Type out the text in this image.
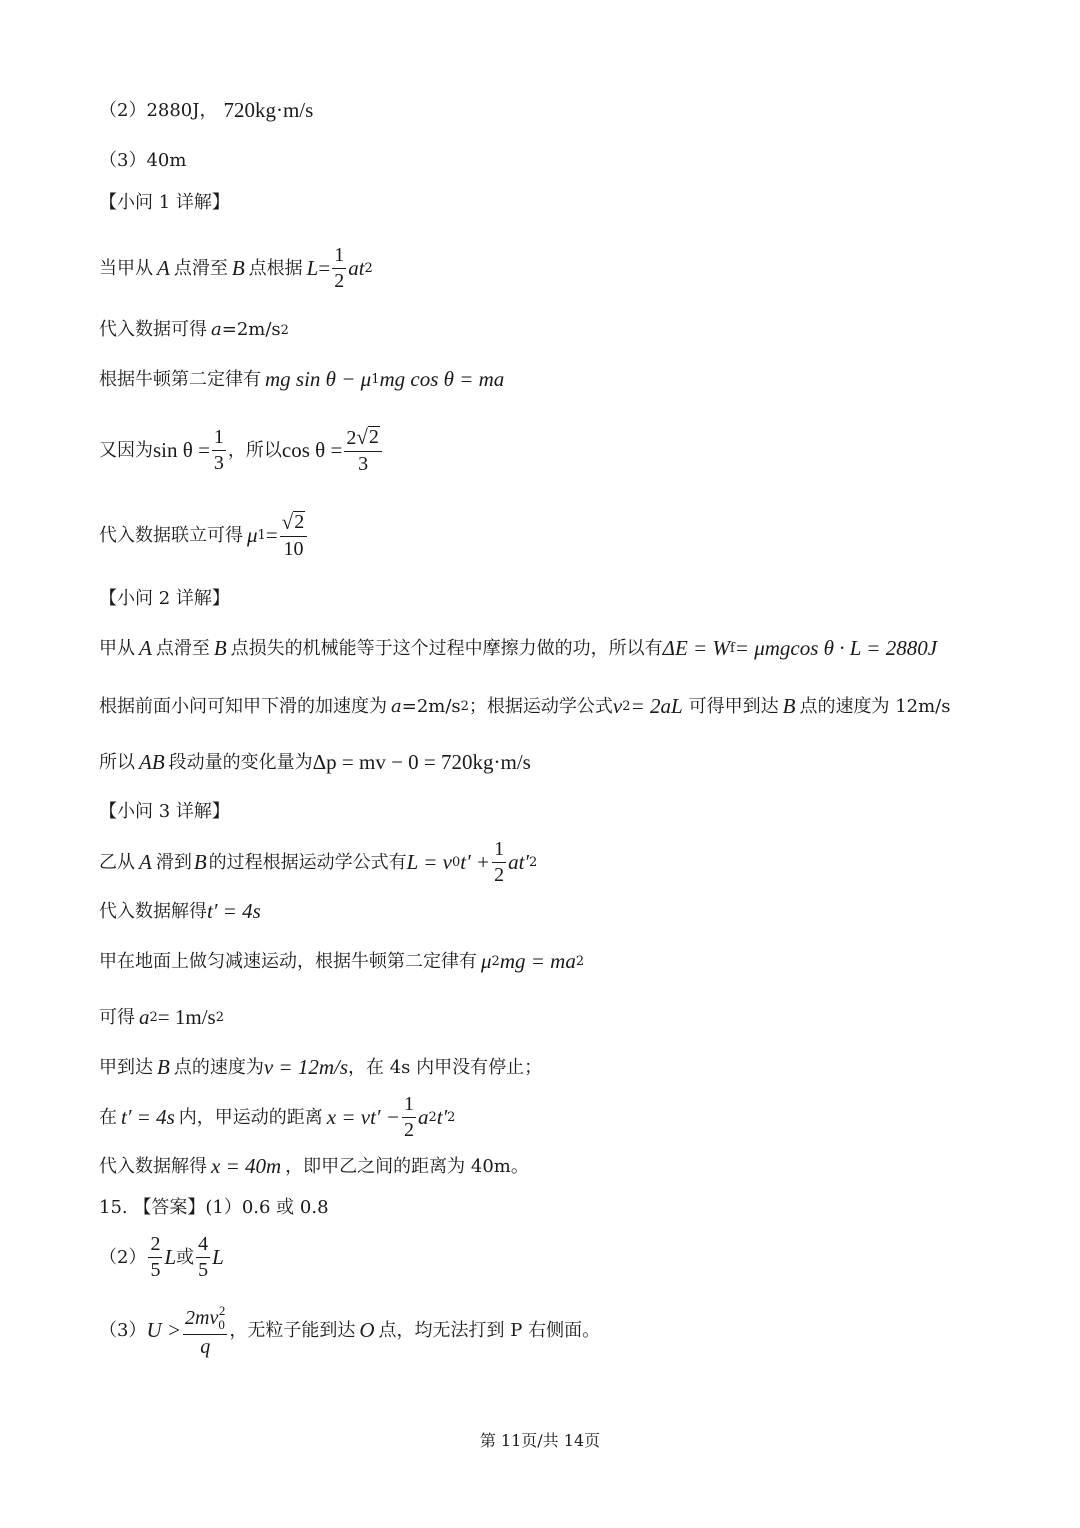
（2） 2880J， 720kg·m/s
（3）40m
【小问 1 详解】
当甲从 A 点滑至 B 点根据 $L = \frac{1}{2}$ at 2
代入数据可得 a =2m/s 2
根据牛顿第二定律有 mg sin θ − μ 1 mg cos θ = ma
又因为 $\sin \theta = \frac{1}{3}$ ，所以 $\cos \theta = \frac{2 √ 2}{3}$
代入数据联立可得 μ $1 = \frac{√ 2}{10}$
【小问 2 详解】
甲从 A 点滑至 B 点损失的机械能等于这个过程中摩擦力做的功，所以有 ΔE = W f = μmgcos θ · L = 2880J
根据前面小问可知甲下滑的加速度为 a =2m/s 2 ；根据运动学公式 v 2 = 2aL 可得甲到达 B 点的速度为 12m/s
所以 AB 段动量的变化量为 Δp = mv − 0 = 720kg·m/s
【小问 3 详解】
乙从 A 滑到 B 的过程根据运动学公式有 L = v 0 $t' + \frac{1}{2} at'$ 2
代入数据解得 t′ = 4s
甲在地面上做匀减速运动，根据牛顿第二定律有 μ 2 mg = ma 2
可得 a 2 = 1m/s 2
甲到达 B 点的速度为 v = 12m/s ，在 4s 内甲没有停止；
在 t′ = 4s 内，甲运动的距离 $x = vt' - \frac{1}{2}$ a 2 t′ 2
代入数据解得 x = 40m ，即甲乙之间的距离为 40m。
15. 【答案】(1）0.6 或 0.8
$(2) \frac{2}{5}$ L 或 $\frac{4}{5}$ L
（3） $U > \frac{2mv_0^2}{q}$ ，无粒子能到达 O 点，均无法打到 P 右侧面。
第 11页/共 14页
